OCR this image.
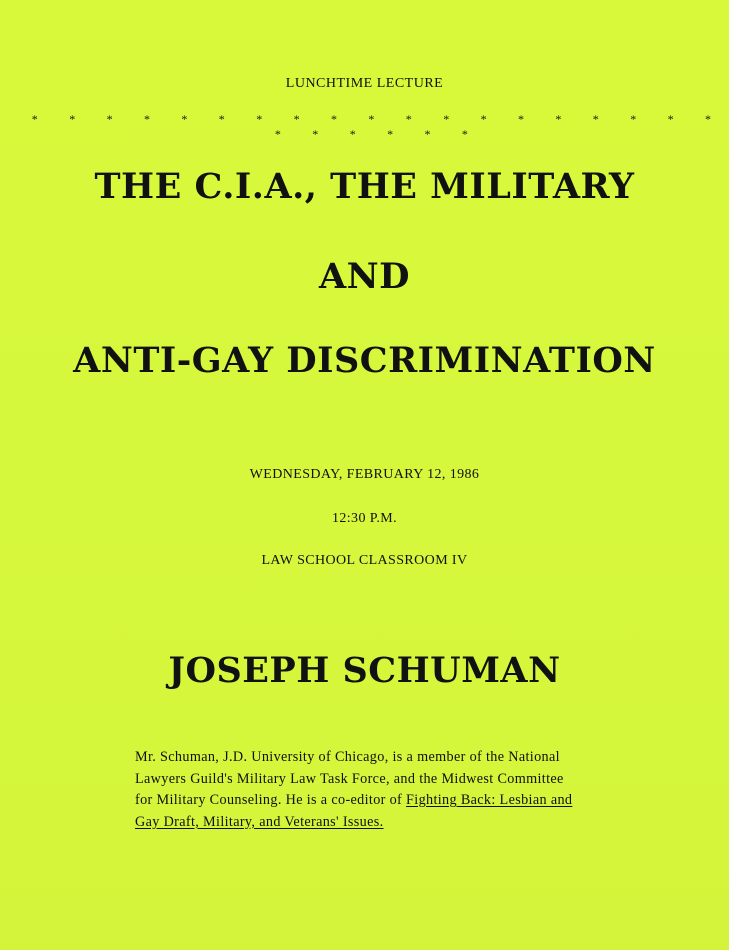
LUNCHTIME LECTURE

* * * * * * * * * * * * * * * * * * * * * * * * *

THE C.I.A., THE MILITARY
AND
ANTI-GAY DISCRIMINATION

WEDNESDAY, FEBRUARY 12, 1986

12:30 P.M.

LAW SCHOOL CLASSROOM IV

JOSEPH SCHUMAN

Mr. Schuman, J.D. University of Chicago, is a member of the National
Lawyers Guild's Military Law Task Force, and the Midwest Committee
for Military Counseling. He is a co-editor of Fighting Back: Lesbian and
Gay Draft, Military, and Veterans' Issues.
